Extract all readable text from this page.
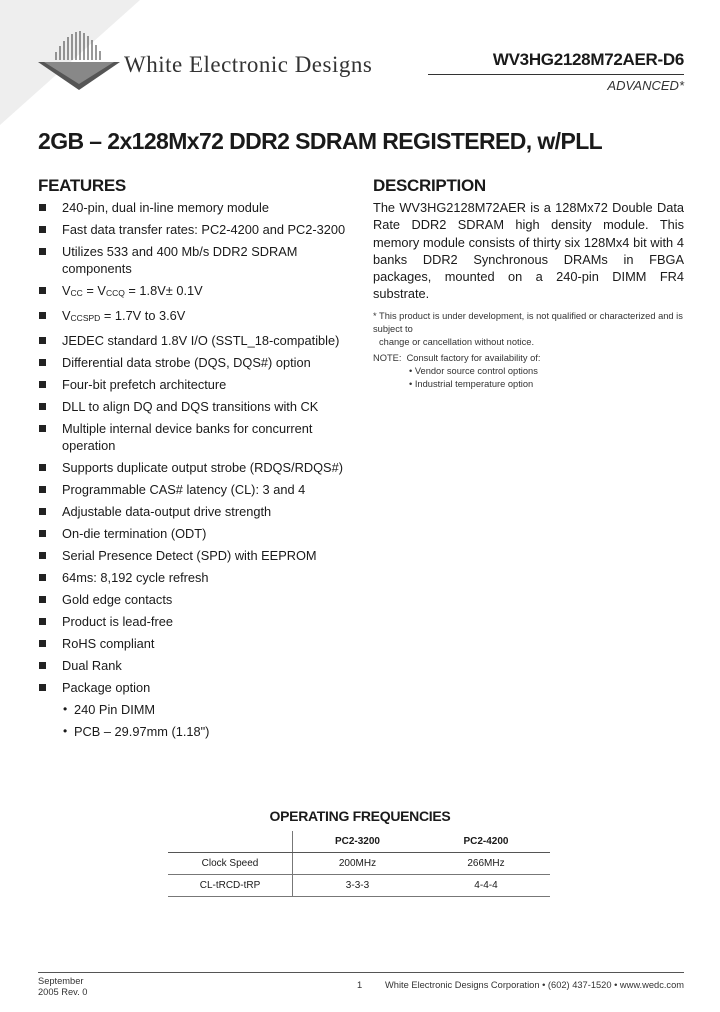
White Electronic Designs	WV3HG2128M72AER-D6
ADVANCED*
2GB – 2x128Mx72 DDR2 SDRAM REGISTERED, w/PLL
FEATURES
240-pin, dual in-line memory module
Fast data transfer rates: PC2-4200 and PC2-3200
Utilizes 533 and 400 Mb/s DDR2 SDRAM components
$V_{CC} = V_{CCQ} = 1.8V\pm 0.1V$
$V_{CCSPD} = 1.7V$ to 3.6V
JEDEC standard 1.8V I/O (SSTL_18-compatible)
Differential data strobe (DQS, DQS#) option
Four-bit prefetch architecture
DLL to align DQ and DQS transitions with CK
Multiple internal device banks for concurrent operation
Supports duplicate output strobe (RDQS/RDQS#)
Programmable CAS# latency (CL): 3 and 4
Adjustable data-output drive strength
On-die termination (ODT)
Serial Presence Detect (SPD) with EEPROM
64ms: 8,192 cycle refresh
Gold edge contacts
Product is lead-free
RoHS compliant
Dual Rank
Package option
• 240 Pin DIMM
• PCB – 29.97mm (1.18")
DESCRIPTION

The WV3HG2128M72AER is a 128Mx72 Double Data Rate DDR2 SDRAM high density module. This memory module consists of thirty six 128Mx4 bit with 4 banks DDR2 Synchronous DRAMs in FBGA packages, mounted on a 240-pin DIMM FR4 substrate.

* This product is under development, is not qualified or characterized and is subject to
change or cancellation without notice.

NOTE: Consult factory for availability of:
• Vendor source control options
• Industrial temperature option
OPERATING FREQUENCIES
	PC2-3200	PC2-4200
Clock Speed	200MHz	266MHz
CL-tRCD-tRP	3-3-3	4-4-4
September
2005 Rev. 0
1 White Electronic Designs Corporation • (602) 437-1520 • www.wedc.com
